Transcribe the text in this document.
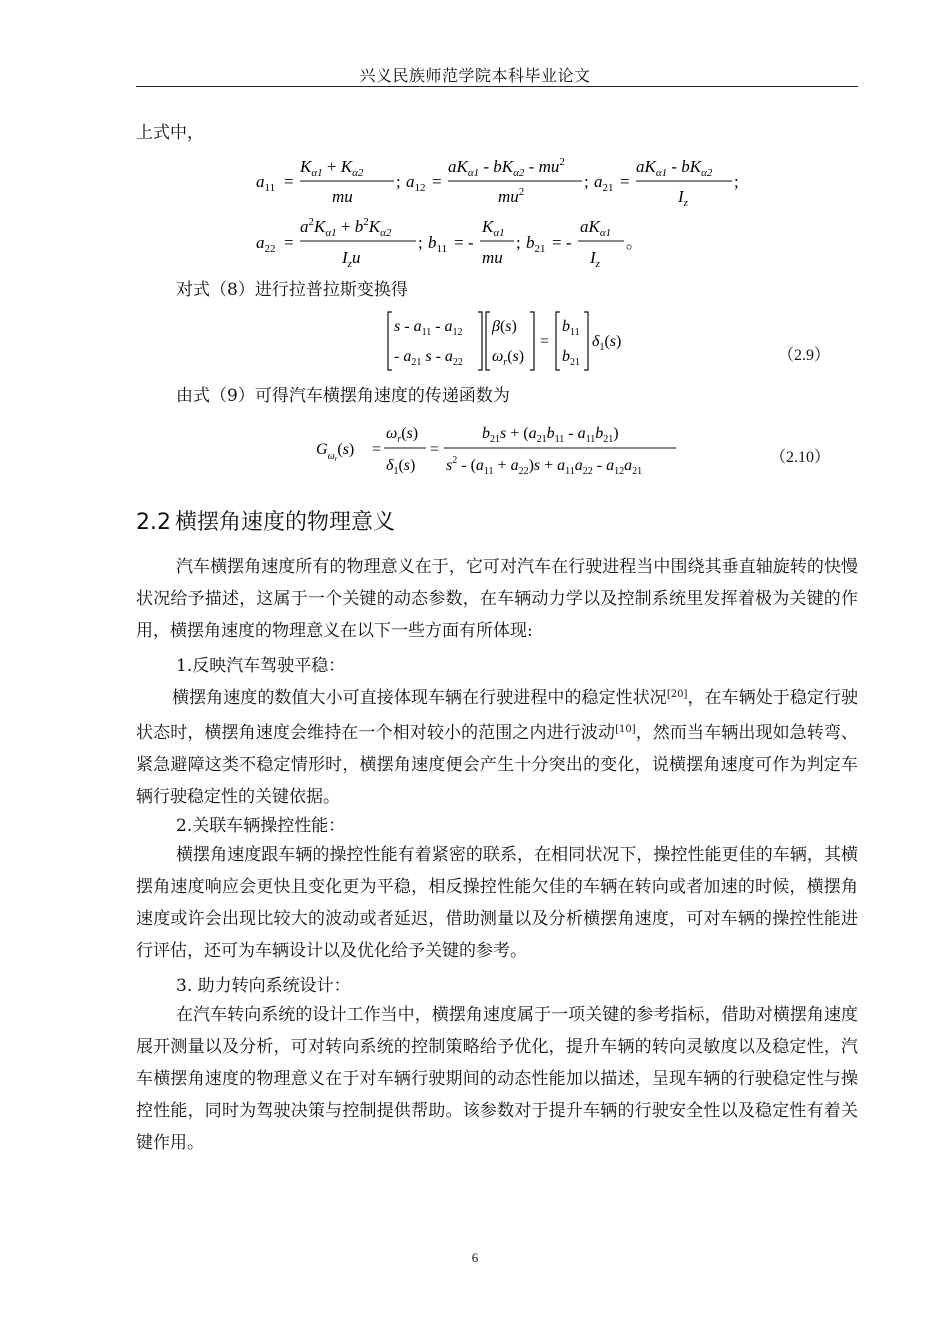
兴义民族师范学院本科毕业论文
上式中，
$a_{11}$ =
$K_{\alpha 1} + K_{\alpha 2}$
mu
; $a_{12}$ =
$aK_{\alpha 1} - bK_{\alpha 2} - mu^2$
$mu^2$
; $a_{21}$ =
$aK_{\alpha 1} - bK_{\alpha 2}$
$I_z$
;
$a_{22}$ =
$a^2K_{\alpha 1} + b^2K_{\alpha 2}$
$I_zu$
; $b_{11}$ = -
$K_{\alpha 1}$
mu
; $b_{21}$ = -
$aK_{\alpha 1}$
$I_z$
。
对式（8）进行拉普拉斯变换得
s - $a_{11} - a_{12}$
- $a_{21}$ s - $a_{22}$
β(s)
$\omega_r(s)$
=
$b_{11}$
$b_{21}$
$\delta_1(s)$
（2.9）
由式（9）可得汽车横摆角速度的传递函数为
$G_\omega r(s)$ =
$\omega_r(s)$
$\delta_1(s)$
=
$b_{21}s + (a_{21}b_{11} - a_{11}b_{21})$
$s^2 - (a_{11} + a_{22})s + a_{11}a_{22} - a_{12}a_{21}$
（2.10）
2.2 横摆角速度的物理意义
汽车横摆角速度所有的物理意义在于，它可对汽车在行驶进程当中围绕其垂直轴旋转的快慢状况给予描述，这属于一个关键的动态参数，在车辆动力学以及控制系统里发挥着极为关键的作用，横摆角速度的物理意义在以下一些方面有所体现:
1.反映汽车驾驶平稳：
横摆角速度的数值大小可直接体现车辆在行驶进程中的稳定性状况[20]，在车辆处于稳定行驶状态时，横摆角速度会维持在一个相对较小的范围之内进行波动[10]，然而当车辆出现如急转弯、紧急避障这类不稳定情形时，横摆角速度便会产生十分突出的变化，说横摆角速度可作为判定车辆行驶稳定性的关键依据。
2.关联车辆操控性能：
横摆角速度跟车辆的操控性能有着紧密的联系，在相同状况下，操控性能更佳的车辆，其横摆角速度响应会更快且变化更为平稳，相反操控性能欠佳的车辆在转向或者加速的时候，横摆角速度或许会出现比较大的波动或者延迟，借助测量以及分析横摆角速度，可对车辆的操控性能进行评估，还可为车辆设计以及优化给予关键的参考。
3. 助力转向系统设计：
在汽车转向系统的设计工作当中，横摆角速度属于一项关键的参考指标，借助对横摆角速度展开测量以及分析，可对转向系统的控制策略给予优化，提升车辆的转向灵敏度以及稳定性，汽车横摆角速度的物理意义在于对车辆行驶期间的动态性能加以描述，呈现车辆的行驶稳定性与操控性能，同时为驾驶决策与控制提供帮助。该参数对于提升车辆的行驶安全性以及稳定性有着关键作用。
6
